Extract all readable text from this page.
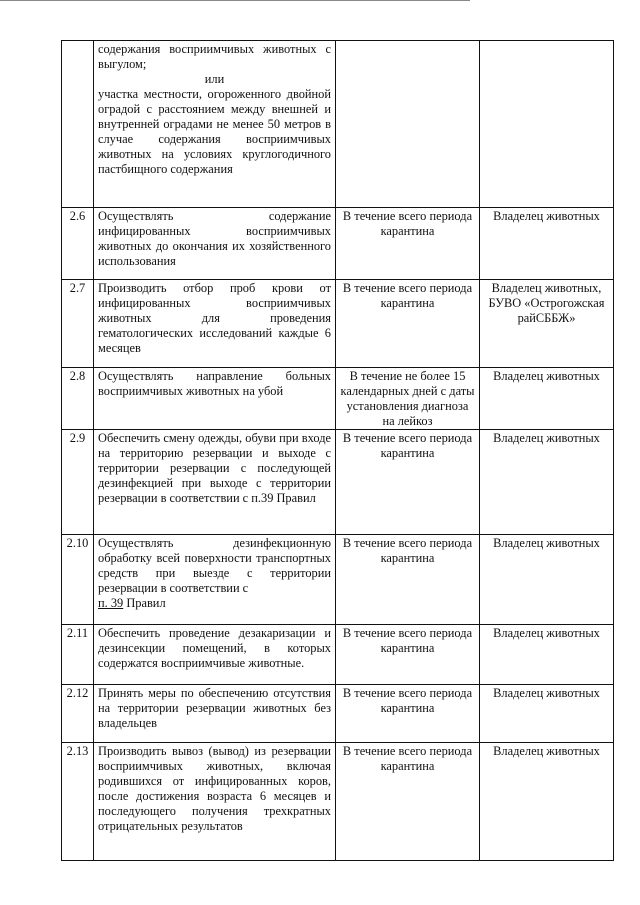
	содержания восприимчивых животных с выгулом;
или
участка местности, огороженного двойной оградой с расстоянием между внешней и внутренней оградами не менее 50 метров в случае содержания восприимчивых животных на условиях круглогодичного пастбищного содержания		

2.6	Осуществлять содержание инфицированных восприимчивых животных до окончания их хозяйственного использования	В течение всего периода карантина	Владелец животных
2.7	Производить отбор проб крови от инфицированных восприимчивых животных для проведения гематологических исследований каждые 6 месяцев	В течение всего периода карантина	Владелец животных, БУВО «Острогожская райСББЖ»
2.8	Осуществлять направление больных восприимчивых животных на убой	В течение не более 15 календарных дней с даты установления диагноза на лейкоз	Владелец животных
2.9	Обеспечить смену одежды, обуви при входе на территорию резервации и выходе с территории резервации с последующей дезинфекцией при выходе с территории резервации в соответствии с п.39 Правил	В течение всего периода карантина	Владелец животных
2.10	Осуществлять дезинфекционную обработку всей поверхности транспортных средств при выезде с территории резервации в соответствии с
п. 39 Правил	В течение всего периода карантина	Владелец животных
2.11	Обеспечить проведение дезакаризации и дезинсекции помещений, в которых содержатся восприимчивые животные.	В течение всего периода карантина	Владелец животных
2.12	Принять меры по обеспечению отсутствия на территории резервации животных без владельцев	В течение всего периода карантина	Владелец животных
2.13	Производить вывоз (вывод) из резервации восприимчивых животных, включая родившихся от инфицированных коров, после достижения возраста 6 месяцев и последующего получения трехкратных отрицательных результатов	В течение всего периода карантина	Владелец животных
